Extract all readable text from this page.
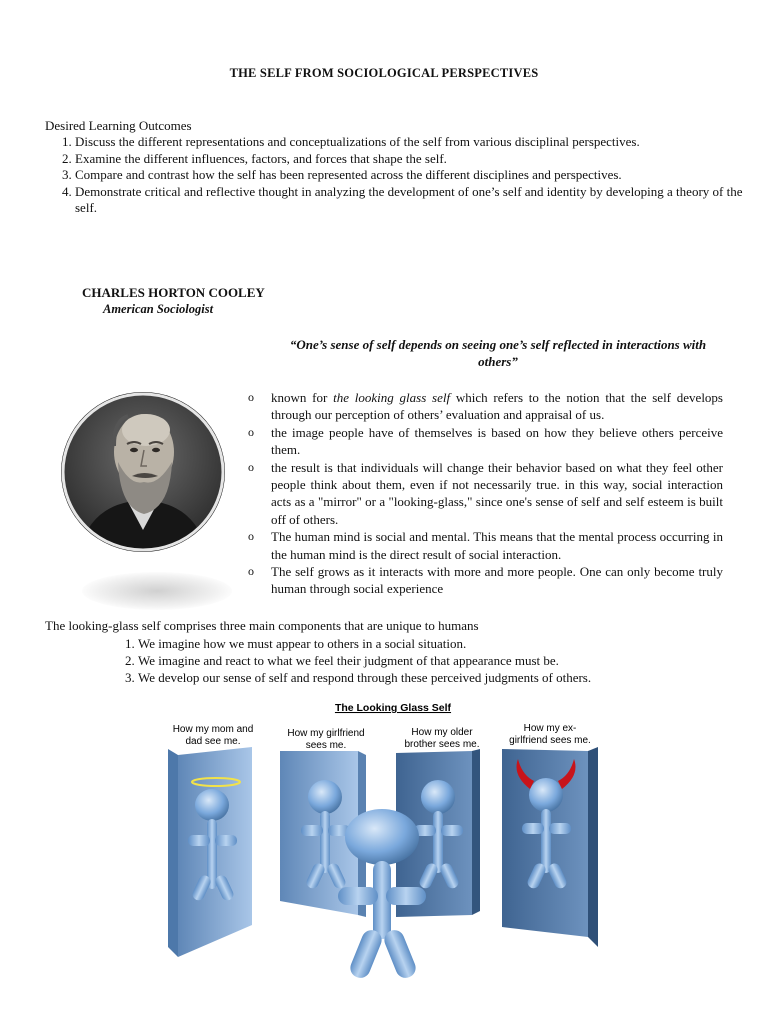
THE SELF FROM SOCIOLOGICAL PERSPECTIVES
Desired Learning Outcomes
1. Discuss the different representations and conceptualizations of the self from various disciplinal perspectives.
2. Examine the different influences, factors, and forces that shape the self.
3. Compare and contrast how the self has been represented across the different disciplines and perspectives.
4. Demonstrate critical and reflective thought in analyzing the development of one’s self and identity by developing a theory of the self.
CHARLES HORTON COOLEY
American Sociologist
“One’s sense of self depends on seeing one’s self reflected in interactions with others”
o known for the looking glass self which refers to the notion that the self develops through our perception of others’ evaluation and appraisal of us.
o the image people have of themselves is based on how they believe others perceive them.
o the result is that individuals will change their behavior based on what they feel other people think about them, even if not necessarily true. in this way, social interaction acts as a "mirror" or a "looking-glass," since one's sense of self and self esteem is built off of others.
o The human mind is social and mental. This means that the mental process occurring in the human mind is the direct result of social interaction.
o The self grows as it interacts with more and more people. One can only become truly human through social experience
The looking-glass self comprises three main components that are unique to humans
1. We imagine how we must appear to others in a social situation.
2. We imagine and react to what we feel their judgment of that appearance must be.
3. We develop our sense of self and respond through these perceived judgments of others.
The Looking Glass Self
How my mom and
dad see me.
How my girlfriend
sees me.
How my older
brother sees me.
How my ex-
girlfriend sees me.
